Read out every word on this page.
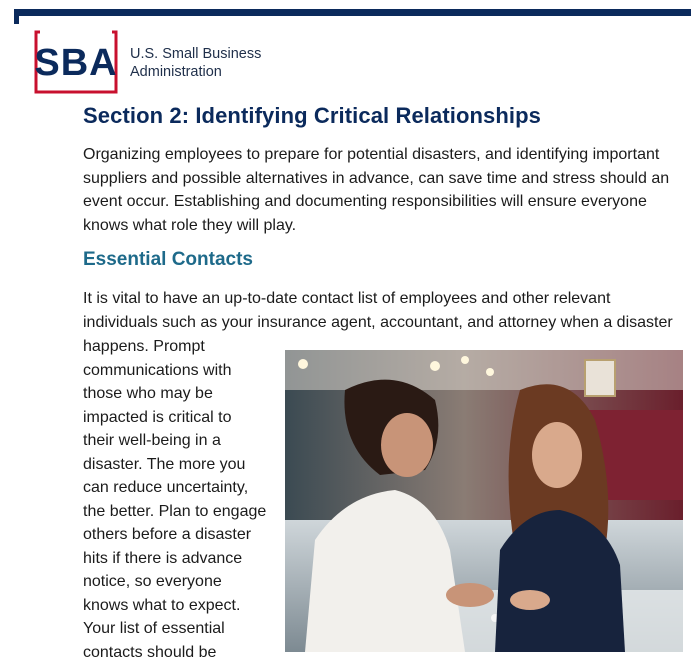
SBA U.S. Small Business
Administration
Section 2: Identifying Critical Relationships

Organizing employees to prepare for potential disasters, and identifying important suppliers and possible alternatives in advance, can save time and stress should an event occur. Establishing and documenting responsibilities will ensure everyone knows what role they will play.

Essential Contacts

It is vital to have an up-to-date contact list of employees and other relevant individuals such as your insurance agent, accountant, and attorney when a disaster

happens. Prompt
communications with
those who may be
impacted is critical to
their well-being in a
disaster. The more you
can reduce uncertainty,
the better. Plan to engage
others before a disaster
hits if there is advance
notice, so everyone
knows what to expect.
Your list of essential
contacts should be
